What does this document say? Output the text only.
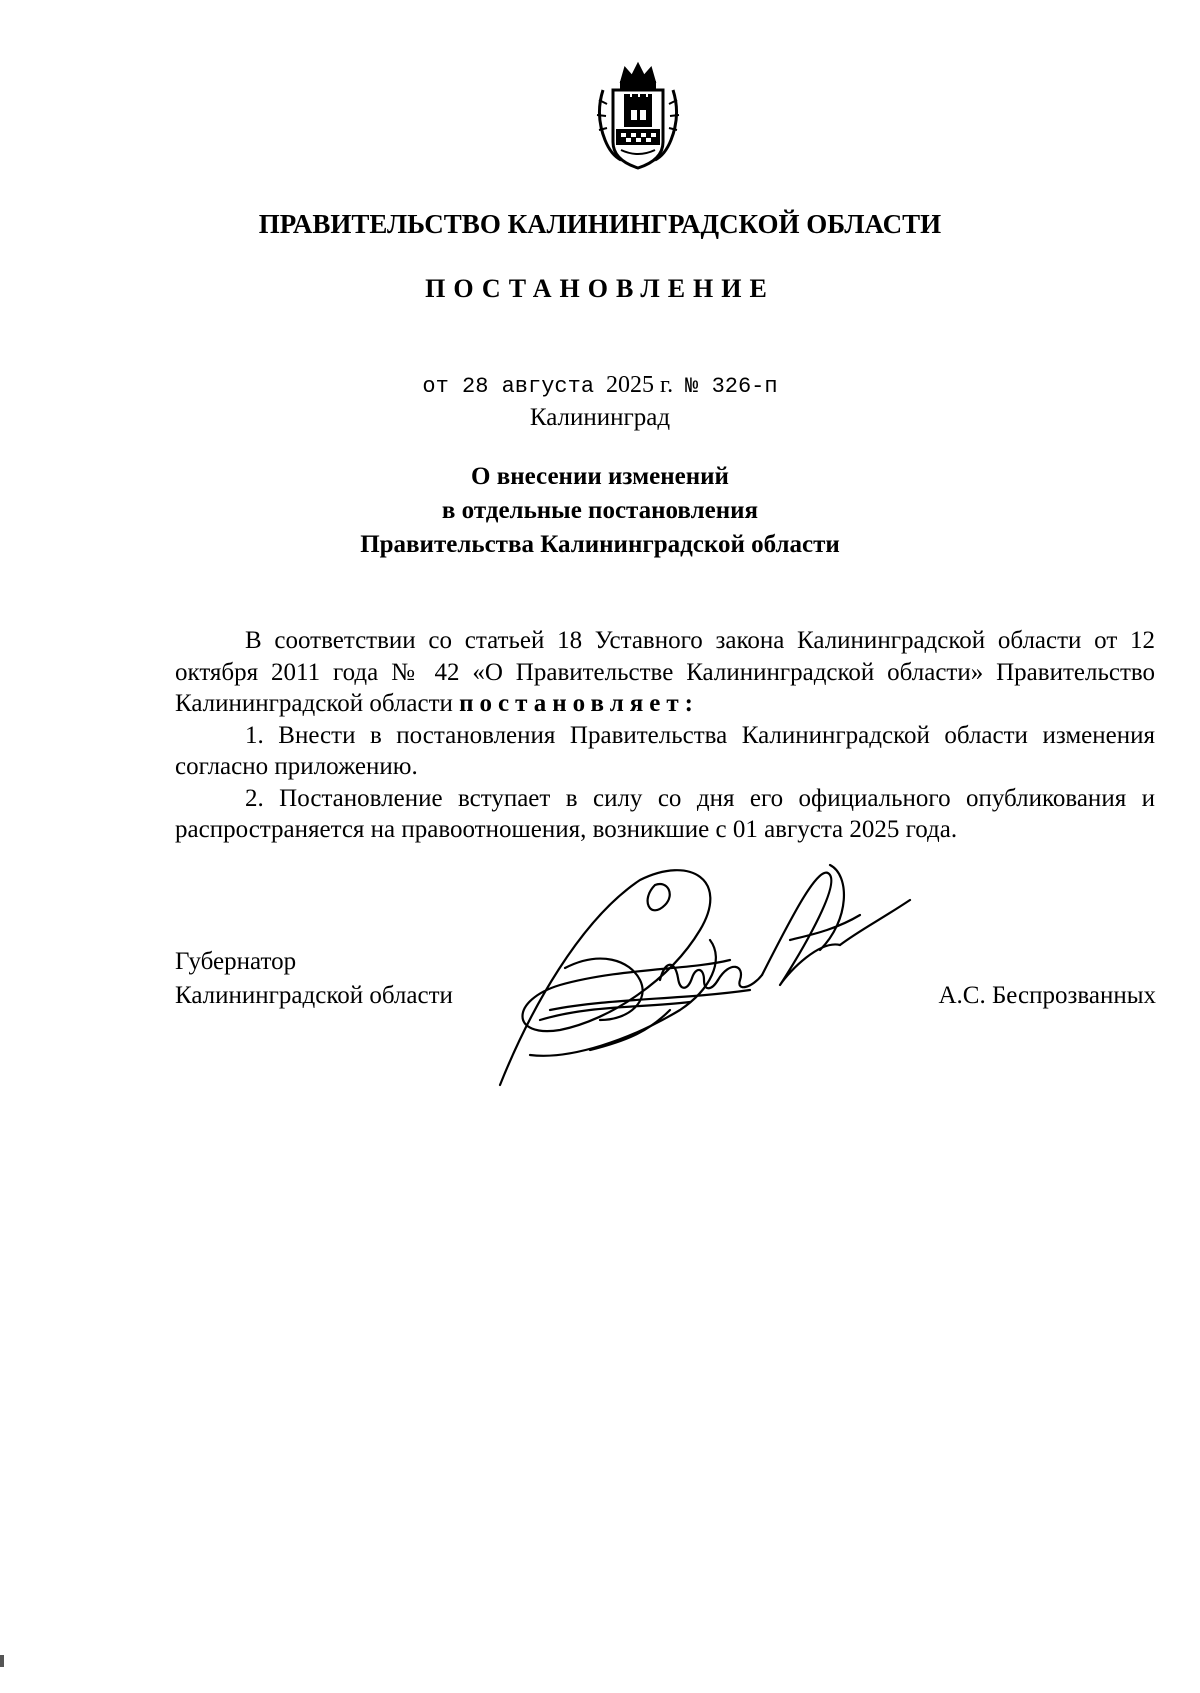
ПРАВИТЕЛЬСТВО КАЛИНИНГРАДСКОЙ ОБЛАСТИ
ПОСТАНОВЛЕНИЕ
от 28 августа 2025 г. № 326-п
Калининград
О внесении изменений
в отдельные постановления
Правительства Калининградской области

В соответствии со статьей 18 Уставного закона Калининградской области от 12 октября 2011 года № 42 «О Правительстве Калининградской области» Правительство Калининградской области постановляет:

1. Внести в постановления Правительства Калининградской области изменения согласно приложению.

2. Постановление вступает в силу со дня его официального опубликования и распространяется на правоотношения, возникшие с 01 августа 2025 года.

Губернатор
Калининградской области	А.С. Беспрозванных
